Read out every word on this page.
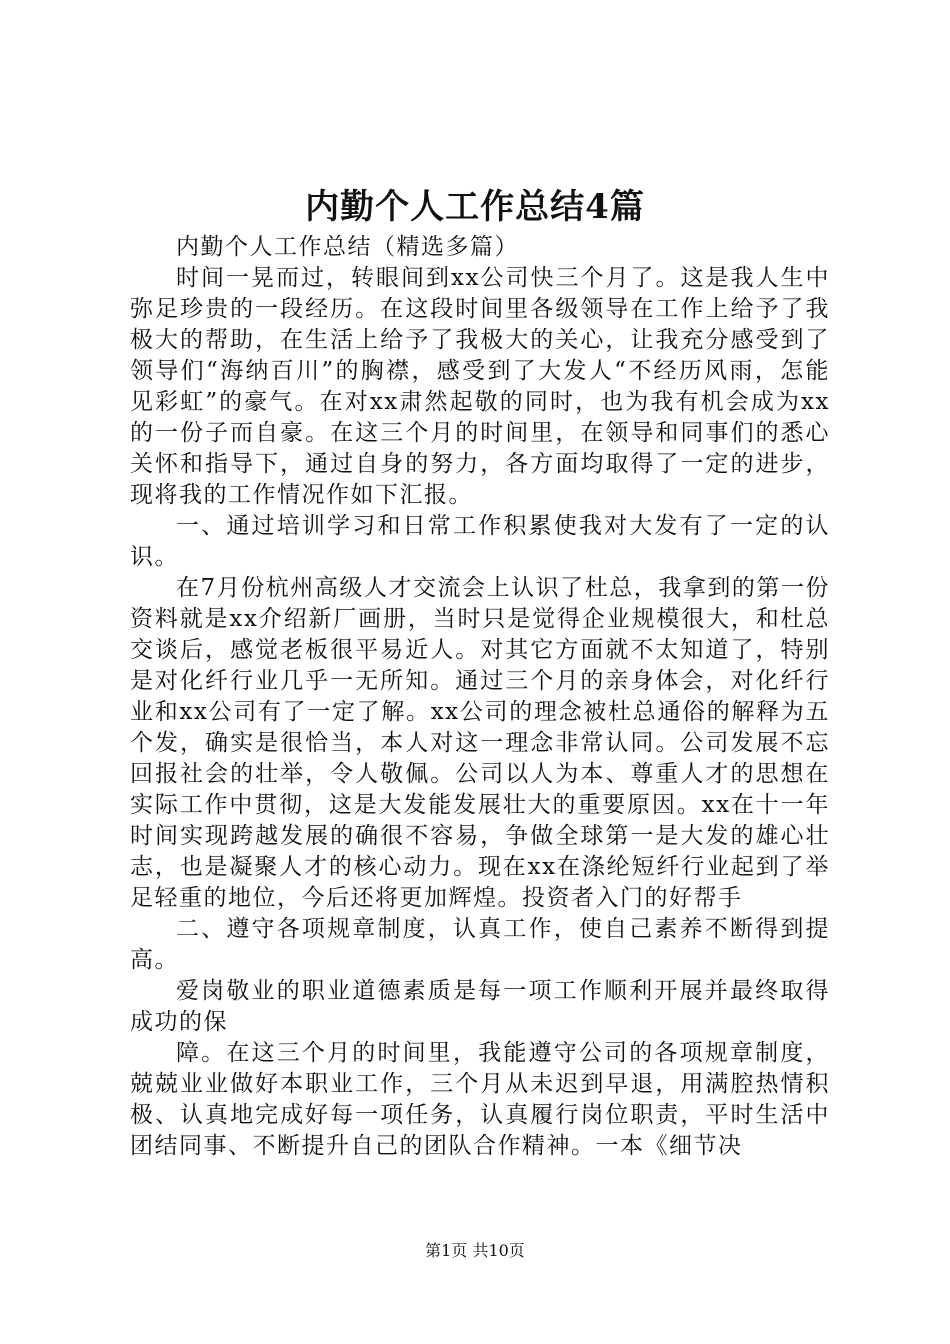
内勤个人工作总结4篇

内勤个人工作总结（精选多篇）

时间一晃而过，转眼间到xx公司快三个月了。这是我人生中弥足珍贵的一段经历。在这段时间里各级领导在工作上给予了我极大的帮助，在生活上给予了我极大的关心，让我充分感受到了领导们“海纳百川”的胸襟，感受到了大发人“不经历风雨，怎能见彩虹”的豪气。在对xx肃然起敬的同时，也为我有机会成为xx的一份子而自豪。在这三个月的时间里，在领导和同事们的悉心关怀和指导下，通过自身的努力，各方面均取得了一定的进步，现将我的工作情况作如下汇报。

一、通过培训学习和日常工作积累使我对大发有了一定的认识。

在7月份杭州高级人才交流会上认识了杜总，我拿到的第一份资料就是xx介绍新厂画册，当时只是觉得企业规模很大，和杜总交谈后，感觉老板很平易近人。对其它方面就不太知道了，特别是对化纤行业几乎一无所知。通过三个月的亲身体会，对化纤行业和xx公司有了一定了解。xx公司的理念被杜总通俗的解释为五个发，确实是很恰当，本人对这一理念非常认同。公司发展不忘回报社会的壮举，令人敬佩。公司以人为本、尊重人才的思想在实际工作中贯彻，这是大发能发展壮大的重要原因。xx在十一年时间实现跨越发展的确很不容易，争做全球第一是大发的雄心壮志，也是凝聚人才的核心动力。现在xx在涤纶短纤行业起到了举足轻重的地位，今后还将更加辉煌。投资者入门的好帮手

二、遵守各项规章制度，认真工作，使自己素养不断得到提高。

爱岗敬业的职业道德素质是每一项工作顺利开展并最终取得成功的保

障。在这三个月的时间里，我能遵守公司的各项规章制度，兢兢业业做好本职业工作，三个月从未迟到早退，用满腔热情积极、认真地完成好每一项任务，认真履行岗位职责，平时生活中团结同事、不断提升自己的团队合作精神。一本《细节决

第1页 共10页
